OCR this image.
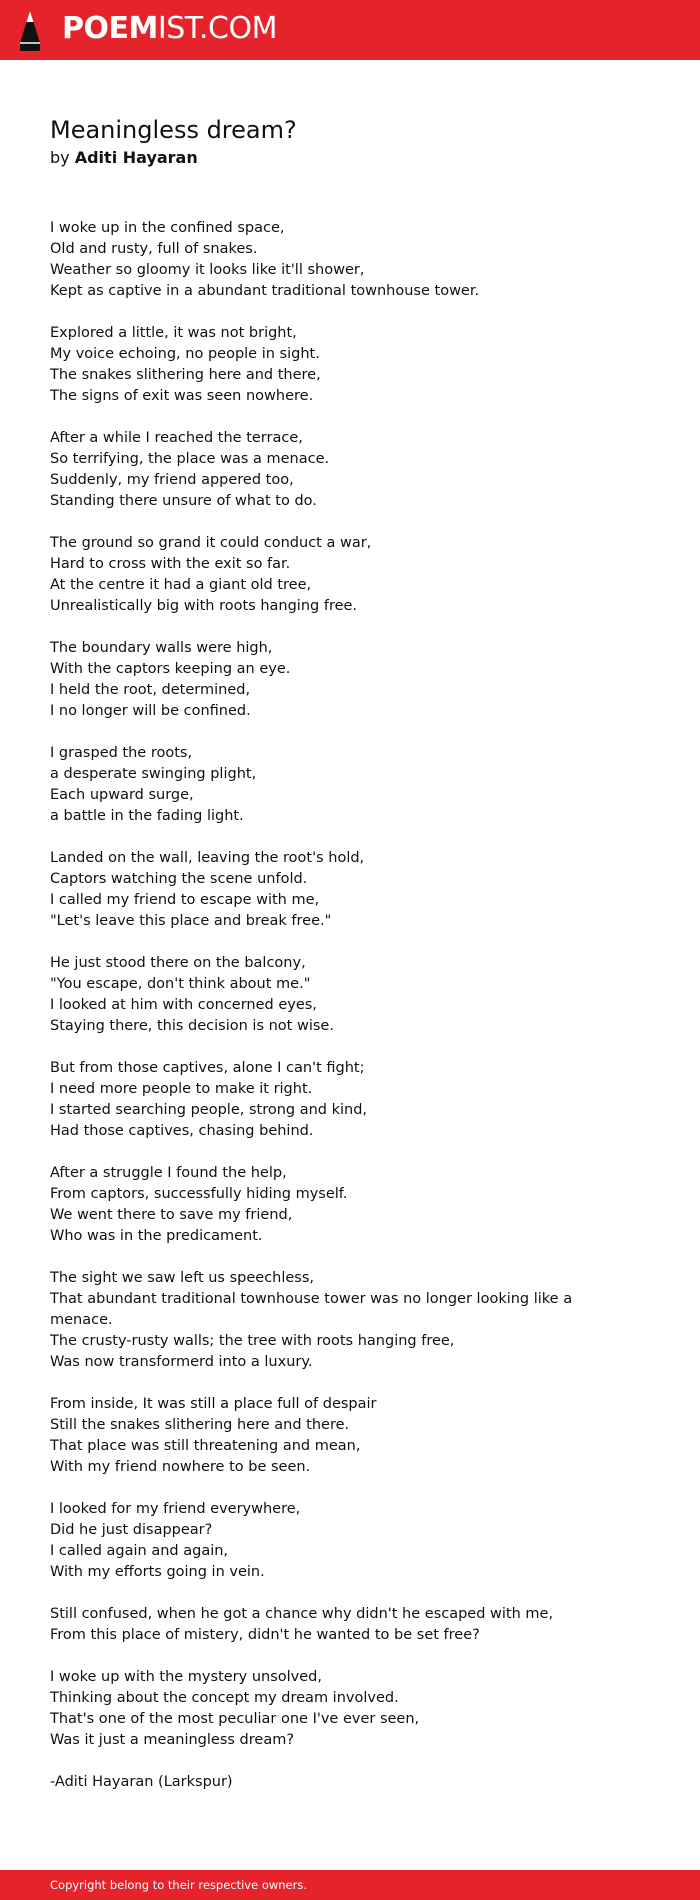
POEMIST.COM
Meaningless dream?
by Aditi Hayaran
I woke up in the confined space,
Old and rusty, full of snakes.
Weather so gloomy it looks like it'll shower,
Kept as captive in a abundant traditional townhouse tower.
Explored a little, it was not bright,
My voice echoing, no people in sight.
The snakes slithering here and there,
The signs of exit was seen nowhere.
After a while I reached the terrace,
So terrifying, the place was a menace.
Suddenly, my friend appered too,
Standing there unsure of what to do.
The ground so grand it could conduct a war,
Hard to cross with the exit so far.
At the centre it had a giant old tree,
Unrealistically big with roots hanging free.
The boundary walls were high,
With the captors keeping an eye.
I held the root, determined,
I no longer will be confined.
I grasped the roots,
a desperate swinging plight,
Each upward surge,
a battle in the fading light.
Landed on the wall, leaving the root's hold,
Captors watching the scene unfold.
I called my friend to escape with me,
"Let's leave this place and break free."
He just stood there on the balcony,
"You escape, don't think about me."
I looked at him with concerned eyes,
Staying there, this decision is not wise.
But from those captives, alone I can't fight;
I need more people to make it right.
I started searching people, strong and kind,
Had those captives, chasing behind.
After a struggle I found the help,
From captors, successfully hiding myself.
We went there to save my friend,
Who was in the predicament.
The sight we saw left us speechless,
That abundant traditional townhouse tower was no longer looking like a menace.
The crusty-rusty walls; the tree with roots hanging free,
Was now transformerd into a luxury.
From inside, It was still a place full of despair
Still the snakes slithering here and there.
That place was still threatening and mean,
With my friend nowhere to be seen.
I looked for my friend everywhere,
Did he just disappear?
I called again and again,
With my efforts going in vein.
Still confused, when he got a chance why didn't he escaped with me,
From this place of mistery, didn't he wanted to be set free?
I woke up with the mystery unsolved,
Thinking about the concept my dream involved.
That's one of the most peculiar one I've ever seen,
Was it just a meaningless dream?
-Aditi Hayaran (Larkspur)
Copyright belong to their respective owners.
